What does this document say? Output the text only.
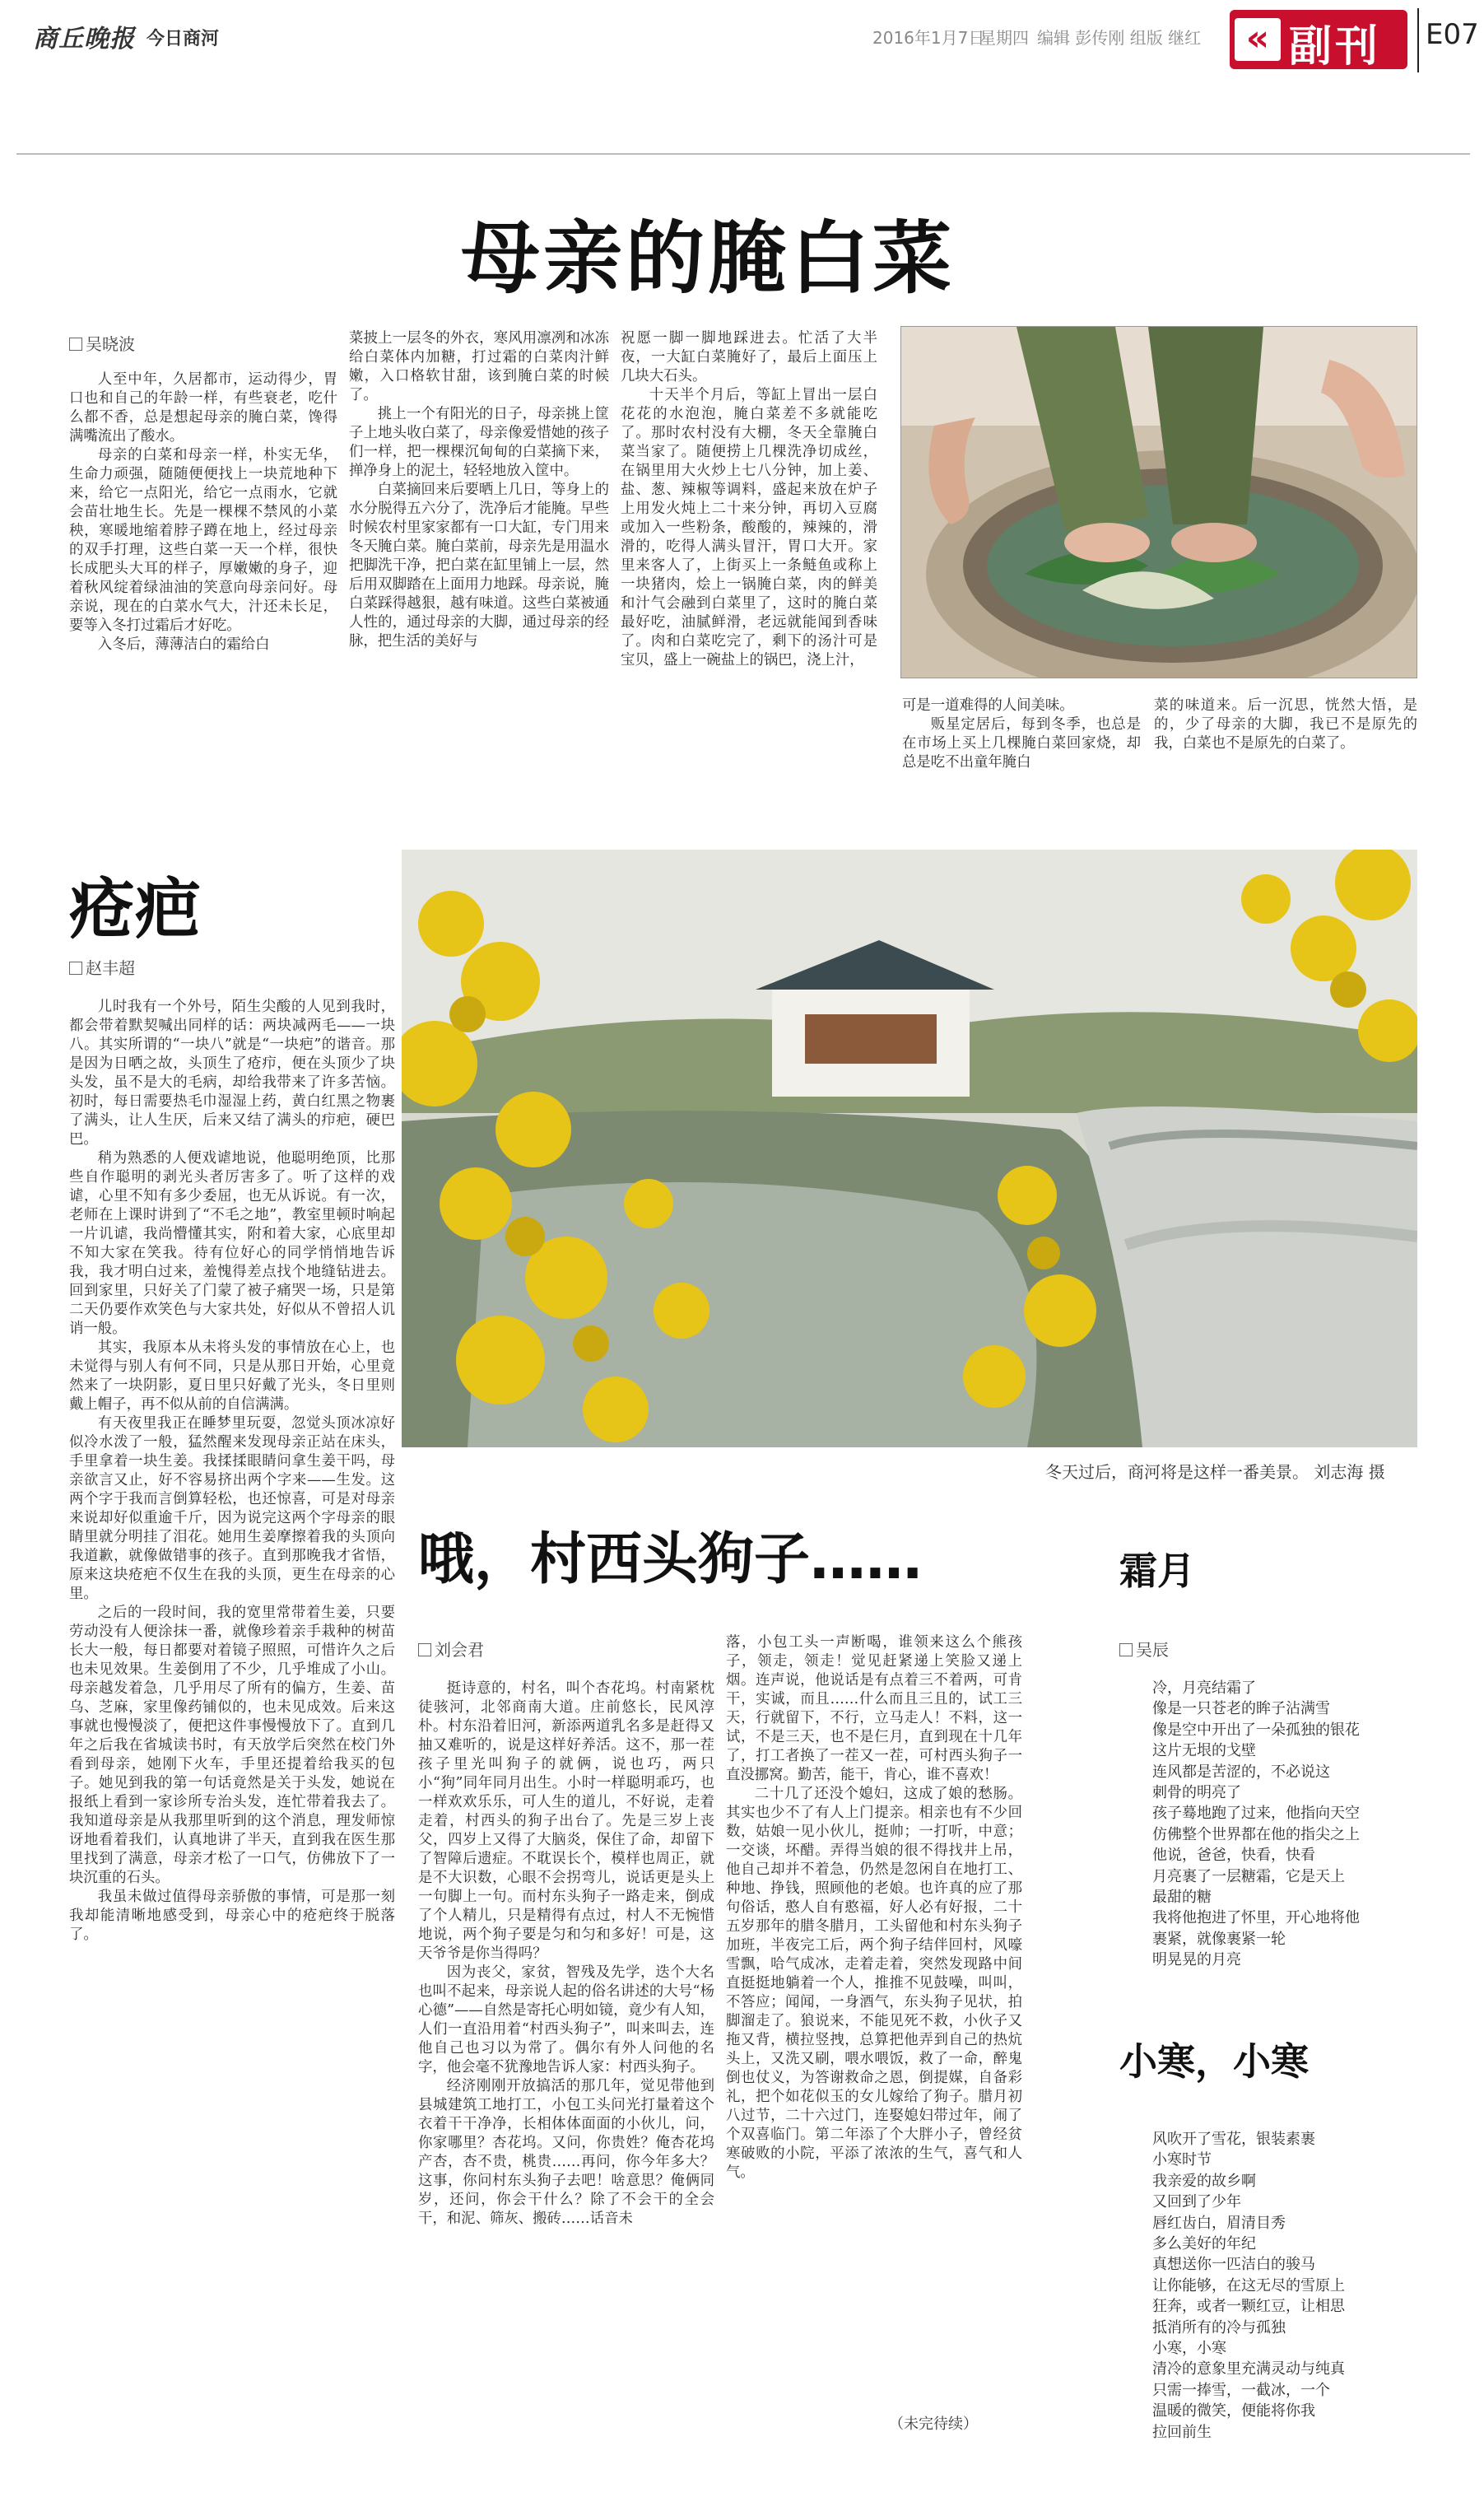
商丘晚报 今日商河	2016年1月7日
星期四 编辑 彭传刚 组版 继红	« 副刊 E07
母亲的腌白菜
吴晓波

人至中年，久居都市，运动得少，胃口也和自己的年龄一样，有些衰老，吃什么都不香，总是想起母亲的腌白菜，馋得满嘴流出了酸水。

母亲的白菜和母亲一样，朴实无华，生命力顽强，随随便便找上一块荒地种下来，给它一点阳光，给它一点雨水，它就会苗壮地生长。先是一棵棵不禁风的小菜秧，寒暖地缩着脖子蹲在地上，经过母亲的双手打理，这些白菜一天一个样，很快长成肥头大耳的样子，厚嫩嫩的身子，迎着秋风绽着绿油油的笑意向母亲问好。母亲说，现在的白菜水气大，汁还未长足，要等入冬打过霜后才好吃。

入冬后，薄薄洁白的霜给白

菜披上一层冬的外衣，寒风用凛冽和冰冻给白菜体内加糖，打过霜的白菜肉汁鲜嫩，入口格软甘甜，该到腌白菜的时候了。

挑上一个有阳光的日子，母亲挑上筐子上地头收白菜了，母亲像爱惜她的孩子们一样，把一棵棵沉甸甸的白菜摘下来，掸净身上的泥土，轻轻地放入筐中。

白菜摘回来后要晒上几日，等身上的水分脱得五六分了，洗净后才能腌。早些时候农村里家家都有一口大缸，专门用来冬天腌白菜。腌白菜前，母亲先是用温水把脚洗干净，把白菜在缸里铺上一层，然后用双脚踏在上面用力地踩。母亲说，腌白菜踩得越狠，越有味道。这些白菜被通人性的，通过母亲的大脚，通过母亲的经脉，把生活的美好与

祝愿一脚一脚地踩进去。忙活了大半夜，一大缸白菜腌好了，最后上面压上几块大石头。

十天半个月后，等缸上冒出一层白花花的水泡泡，腌白菜差不多就能吃了。那时农村没有大棚，冬天全靠腌白菜当家了。随便捞上几棵洗净切成丝，在锅里用大火炒上七八分钟，加上姜、盐、葱、辣椒等调料，盛起来放在炉子上用发火炖上二十来分钟，再切入豆腐或加入一些粉条，酸酸的，辣辣的，滑滑的，吃得人满头冒汗，胃口大开。家里来客人了，上街买上一条鲢鱼或称上一块猪肉，烩上一锅腌白菜，肉的鲜美和汁气会融到白菜里了，这时的腌白菜最好吃，油腻鲜滑，老远就能闻到香味了。肉和白菜吃完了，剩下的汤汁可是宝贝，盛上一碗盐上的锅巴，浇上汁，

可是一道难得的人间美味。

贩星定居后，每到冬季，也总是在市场上买上几棵腌白菜回家烧，却总是吃不出童年腌白

菜的味道来。后一沉思，恍然大悟，是的，少了母亲的大脚，我已不是原先的我，白菜也不是原先的白菜了。

冬天过后，商河将是这样一番美景。 刘志海 摄
疮疤
赵丰超

儿时我有一个外号，陌生尖酸的人见到我时，都会带着默契喊出同样的话：两块减两毛——一块八。其实所谓的“一块八”就是“一块疤”的谐音。那是因为日晒之故，头顶生了疮疖，便在头顶少了块头发，虽不是大的毛病，却给我带来了许多苦恼。初时，每日需要热毛巾湿湿上药，黄白红黑之物裹了满头，让人生厌，后来又结了满头的疖疤，硬巴巴。

稍为熟悉的人便戏谑地说，他聪明绝顶，比那些自作聪明的剥光头者厉害多了。听了这样的戏谑，心里不知有多少委屈，也无从诉说。有一次，老师在上课时讲到了“不毛之地”，教室里顿时响起一片讥谑，我尚懵懂其实，附和着大家，心底里却不知大家在笑我。待有位好心的同学悄悄地告诉我，我才明白过来，羞愧得差点找个地缝钻进去。回到家里，只好关了门蒙了被子痛哭一场，只是第二天仍要作欢笑色与大家共处，好似从不曾招人讥诮一般。

其实，我原本从未将头发的事情放在心上，也未觉得与别人有何不同，只是从那日开始，心里竟然来了一块阴影，夏日里只好戴了光头，冬日里则戴上帽子，再不似从前的自信满满。

有天夜里我正在睡梦里玩耍，忽觉头顶冰凉好似冷水泼了一般，猛然醒来发现母亲正站在床头，手里拿着一块生姜。我揉揉眼睛问拿生姜干吗，母亲欲言又止，好不容易挤出两个字来——生发。这两个字于我而言倒算轻松，也还惊喜，可是对母亲来说却好似重逾千斤，因为说完这两个字母亲的眼睛里就分明挂了泪花。她用生姜摩擦着我的头顶向我道歉，就像做错事的孩子。直到那晚我才省悟，原来这块疮疤不仅生在我的头顶，更生在母亲的心里。

之后的一段时间，我的宽里常带着生姜，只要劳动没有人便涂抹一番，就像珍着亲手栽种的树苗长大一般，每日都要对着镜子照照，可惜许久之后也未见效果。生姜倒用了不少，几乎堆成了小山。母亲越发着急，几乎用尽了所有的偏方，生姜、苗乌、芝麻，家里像药铺似的，也未见成效。后来这事就也慢慢淡了，便把这件事慢慢放下了。直到几年之后我在省城读书时，有天放学后突然在校门外看到母亲，她刚下火车，手里还提着给我买的包子。她见到我的第一句话竟然是关于头发，她说在报纸上看到一家诊所专治头发，连忙带着我去了。我知道母亲是从我那里听到的这个消息，理发师惊讶地看着我们，认真地讲了半天，直到我在医生那里找到了满意，母亲才松了一口气，仿佛放下了一块沉重的石头。

我虽未做过值得母亲骄傲的事情，可是那一刻我却能清晰地感受到，母亲心中的疮疤终于脱落了。

哦，村西头狗子……
刘会君

挺诗意的，村名，叫个杏花坞。村南紧枕徒骇河，北邻商南大道。庄前悠长，民风淳朴。村东沿着旧河，新添两道乳名多是赶得又抽又难听的，说是这样好养活。这不，那一茬孩子里光叫狗子的就俩，说也巧，两只小“狗”同年同月出生。小时一样聪明乖巧，也一样欢欢乐乐，可人生的道儿，不好说，走着走着，村西头的狗子出台了。先是三岁上丧父，四岁上又得了大脑炎，保住了命，却留下了智障后遗症。不耽误长个，模样也周正，就是不大识数，心眼不会拐弯儿，说话更是头上一句脚上一句。而村东头狗子一路走来，倒成了个人精儿，只是精得有点过，村人不无惋惜地说，两个狗子要是匀和匀和多好！可是，这天爷爷是你当得吗？

因为丧父，家贫，智残及先学，迭个大名也叫不起来，母亲说人起的俗名讲述的大号“杨心德”——自然是寄托心明如镜，竟少有人知，人们一直沿用着“村西头狗子”，叫来叫去，连他自己也习以为常了。偶尔有外人问他的名字，他会毫不犹豫地告诉人家：村西头狗子。

经济刚刚开放搞活的那几年，觉见带他到县城建筑工地打工，小包工头问光打量着这个衣着干干净净，长相体体面面的小伙儿，问，你家哪里？杏花坞。又问，你贵姓？俺杏花坞产杏，杏不贵，桃贵……再问，你今年多大？这事，你问村东头狗子去吧！啥意思？俺俩同岁，还问，你会干什么？除了不会干的全会干，和泥、筛灰、搬砖……话音未

落，小包工头一声断喝，谁领来这么个熊孩子，领走，领走！觉见赶紧递上笑脸又递上烟。连声说，他说话是有点着三不着两，可肯干，实诚，而且……什么而且三且的，试工三天，行就留下，不行，立马走人！不料，这一试，不是三天，也不是仨月，直到现在十几年了，打工者换了一茬又一茬，可村西头狗子一直没挪窝。勤苦，能干，肯心，谁不喜欢！

二十几了还没个媳妇，这成了娘的愁肠。其实也少不了有人上门提亲。相亲也有不少回数，姑娘一见小伙儿，挺帅；一打听，中意；一交谈，坏醋。弄得当娘的很不得找井上吊，他自己却并不着急，仍然是忽闲自在地打工、种地、挣钱，照顾他的老娘。也许真的应了那句俗话，憨人自有憨福，好人必有好报，二十五岁那年的腊冬腊月，工头留他和村东头狗子加班，半夜完工后，两个狗子结伴回村，风嚎雪飘，哈气成冰，走着走着，突然发现路中间直挺挺地躺着一个人，推推不见鼓噪，叫叫，不答应；闻闻，一身酒气，东头狗子见状，拍脚溜走了。狼说来，不能见死不救，小伙子又拖又背，横拉竖拽，总算把他弄到自己的热炕头上，又洗又刷，喂水喂饭，救了一命，醉鬼倒也仗义，为答谢救命之恩，倒提媒，自备彩礼，把个如花似玉的女儿嫁给了狗子。腊月初八过节，二十六过门，连娶媳妇带过年，闹了个双喜临门。第二年添了个大胖小子，曾经贫寒破败的小院，平添了浓浓的生气，喜气和人气。

（未完待续）
霜月
吴辰
冷，月亮结霜了
像是一只苍老的眸子沾满雪
像是空中开出了一朵孤独的银花
这片无垠的戈壁
连风都是苦涩的，不必说这
刺骨的明亮了
孩子蓦地跑了过来，他指向天空
仿佛整个世界都在他的指尖之上
他说，爸爸，快看，快看
月亮裹了一层糖霜，它是天上
最甜的糖
我将他抱进了怀里，开心地将他
裹紧，就像裹紧一轮
明晃晃的月亮
小寒，小寒
风吹开了雪花，银装素裹
小寒时节
我亲爱的故乡啊
又回到了少年
唇红齿白，眉清目秀
多么美好的年纪
真想送你一匹洁白的骏马
让你能够，在这无尽的雪原上
狂奔，或者一颗红豆，让相思
抵消所有的冷与孤独
小寒，小寒
清冷的意象里充满灵动与纯真
只需一捧雪，一截冰，一个
温暖的微笑，便能将你我
拉回前生
